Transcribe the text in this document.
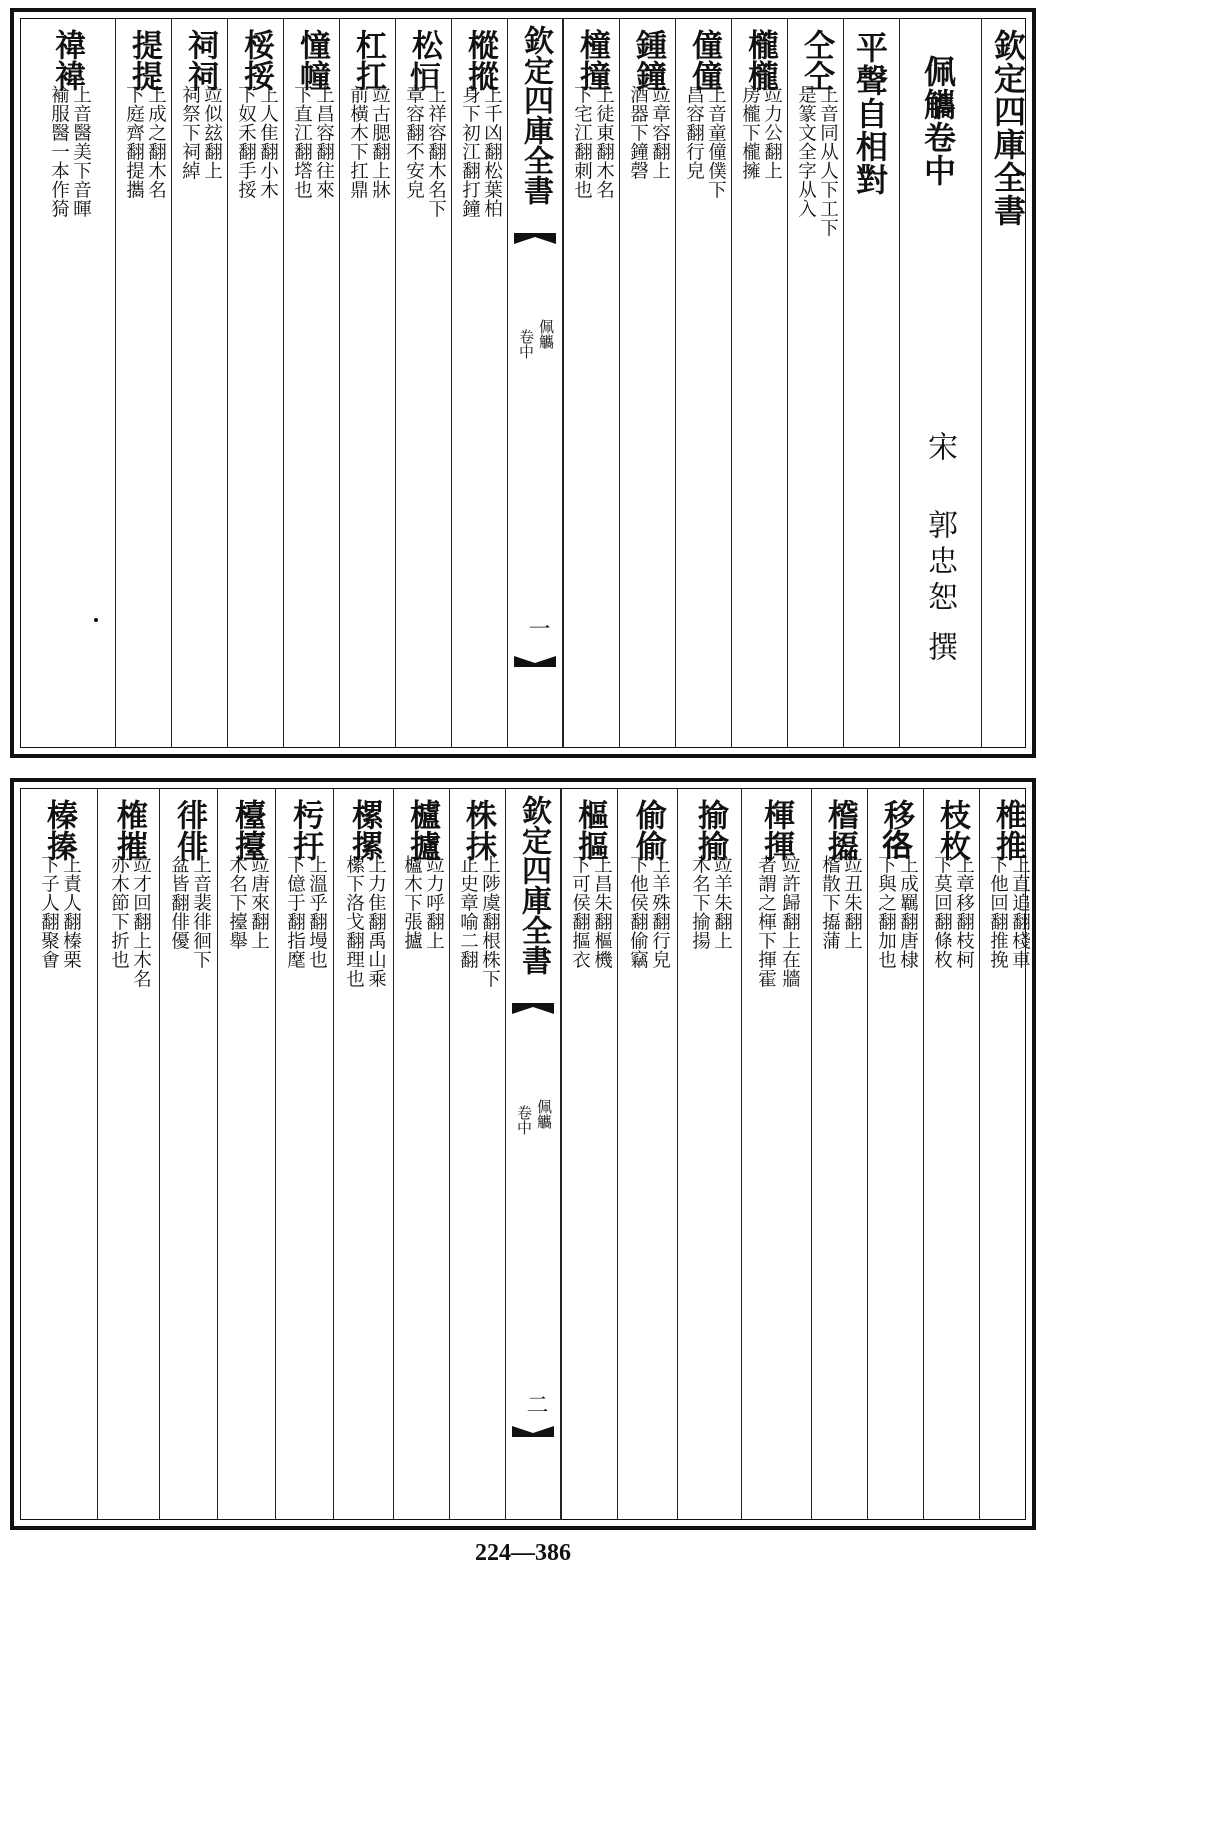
欽定四庫全書
佩觿卷中
宋
郭忠恕
撰
平聲自相對
仝仝
上音同从人下工下
是篆文全字从入
櫳櫳
竝力公翻上
房櫳下櫳擁
僮僮
上音童僮僕下
昌容翻行皃
鍾鐘
竝章容翻上
酒器下鐘磬
橦撞
上徒東翻木名
下宅江翻刺也
欽定四庫全書
佩觿
卷中
一
樅摐
上千凶翻松葉柏
身下初江翻打鐘
松𢘆
上祥容翻木名下
章容翻不安皃
杠扛
竝古腮翻上牀
前橫木下扛鼎
憧幢
上昌容翻往來
下直江翻㙮也
桵挼
上人隹翻小木
下奴禾翻手挼
祠祠
竝似玆翻上
祠祭下祠綽
提提
上成之翻木名
下庭齊翻提攜
禕褘
上音醫美下音暉
褕服醫一本作猗
椎推
上直追翻棧車
下他回翻推挽
枝枚
上章移翻枝柯
下莫回翻條枚
移𢓜
上成羈翻唐棣
下與之翻加也
㮷㩡
竝丑朱翻上
㮷散下㩡蒲
楎揮
竝許歸翻上在牆
者謂之楎下揮霍
揄揄
竝羊朱翻上
木名下揄揚
偷偷
上羊殊翻行皃
下他侯翻偷竊
樞摳
上昌朱翻樞機
下可侯翻摳衣
欽定四庫全書
佩觿
卷中
二
株抹
上陟虞翻根株下
止史章喻二翻
櫨攎
竝力呼翻上
櫨木下張攎
樏摞
上力隹翻禹山乘
樏下洛戈翻理也
杇扜
上溫乎翻墁也
下億于翻指麾
檯擡
竝唐來翻上
木名下擡舉
徘俳
上音裴徘徊下
盆皆翻俳優
榷摧
竝才回翻上木名
亦木節下折也
榛搸
上責人翻榛栗
下子人翻聚㑹
224—386
